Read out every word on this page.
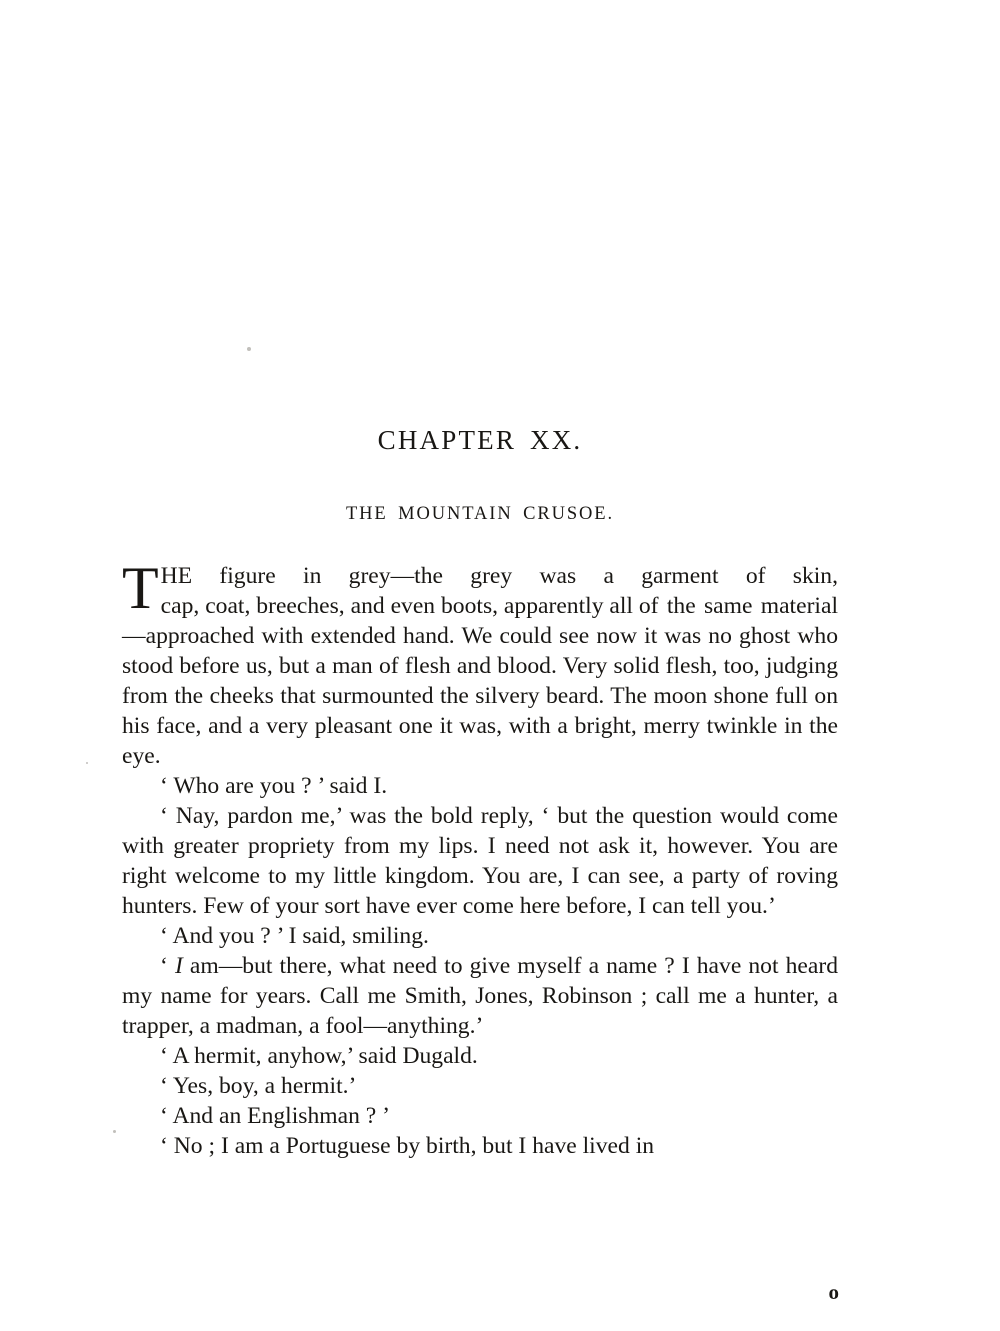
CHAPTER XX.
THE MOUNTAIN CRUSOE.

THE figure in grey—the grey was a garment of skin, cap, coat, breeches, and even boots, apparently all of the same material—approached with extended hand. We could see now it was no ghost who stood before us, but a man of flesh and blood. Very solid flesh, too, judging from the cheeks that surmounted the silvery beard. The moon shone full on his face, and a very pleasant one it was, with a bright, merry twinkle in the eye.

‘ Who are you ? ’ said I.

‘ Nay, pardon me,’ was the bold reply, ‘ but the question would come with greater propriety from my lips. I need not ask it, however. You are right welcome to my little kingdom. You are, I can see, a party of roving hunters. Few of your sort have ever come here before, I can tell you.’

‘ And you ? ’ I said, smiling.

‘ I am—but there, what need to give myself a name ? I have not heard my name for years. Call me Smith, Jones, Robinson ; call me a hunter, a trapper, a madman, a fool—anything.’

‘ A hermit, anyhow,’ said Dugald.

‘ Yes, boy, a hermit.’

‘ And an Englishman ? ’

‘ No ; I am a Portuguese by birth, but I have lived in

o
